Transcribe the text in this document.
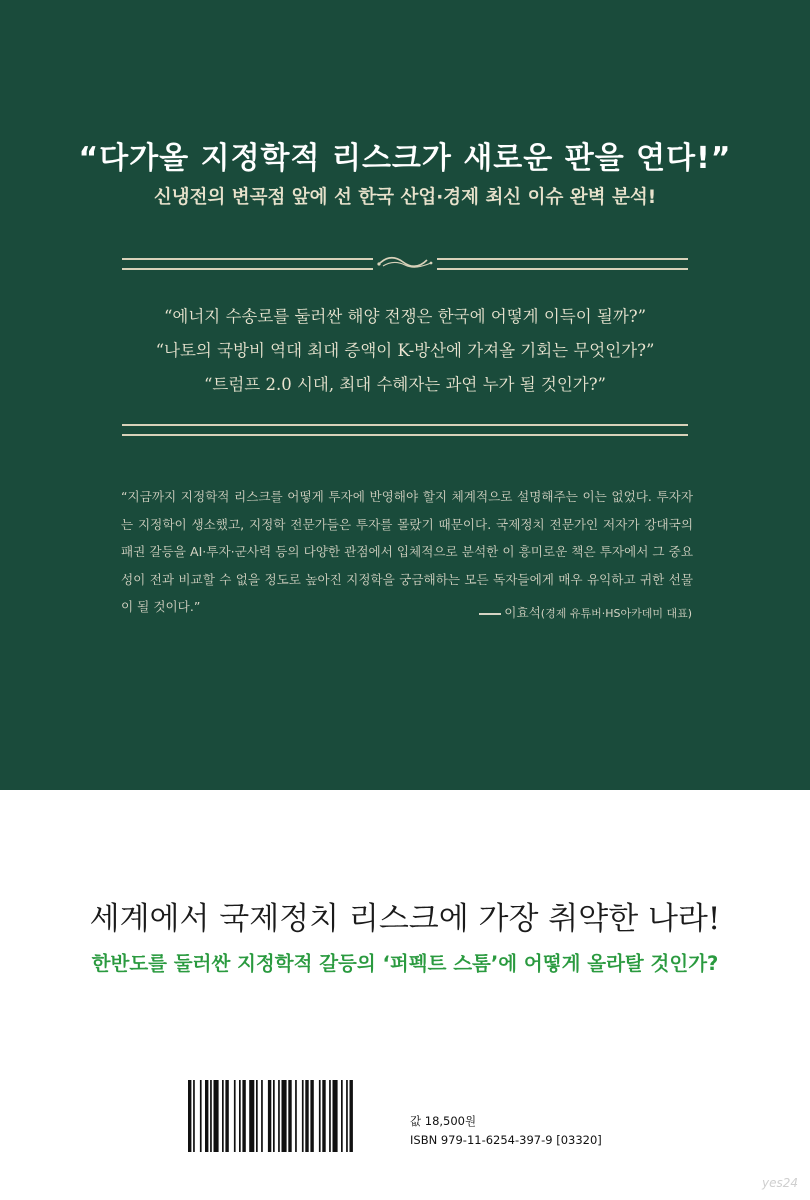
“다가올 지정학적 리스크가 새로운 판을 연다!”
신냉전의 변곡점 앞에 선 한국 산업·경제 최신 이슈 완벽 분석!
“에너지 수송로를 둘러싼 해양 전쟁은 한국에 어떻게 이득이 될까?”
“나토의 국방비 역대 최대 증액이 K-방산에 가져올 기회는 무엇인가?”
“트럼프 2.0 시대, 최대 수혜자는 과연 누가 될 것인가?”
“지금까지 지정학적 리스크를 어떻게 투자에 반영해야 할지 체계적으로 설명해주는 이는 없었다. 투자자는 지정학이 생소했고, 지정학 전문가들은 투자를 몰랐기 때문이다. 국제정치 전문가인 저자가 강대국의 패권 갈등을 AI·투자·군사력 등의 다양한 관점에서 입체적으로 분석한 이 흥미로운 책은 투자에서 그 중요성이 전과 비교할 수 없을 정도로 높아진 지정학을 궁금해하는 모든 독자들에게 매우 유익하고 귀한 선물이 될 것이다.”	이효석(경제 유튜버·HS아카데미 대표)
세계에서 국제정치 리스크에 가장 취약한 나라!
한반도를 둘러싼 지정학적 갈등의 ‘퍼펙트 스톰’에 어떻게 올라탈 것인가?
값 18,500원
ISBN 979-11-6254-397-9 [03320]
yes24
